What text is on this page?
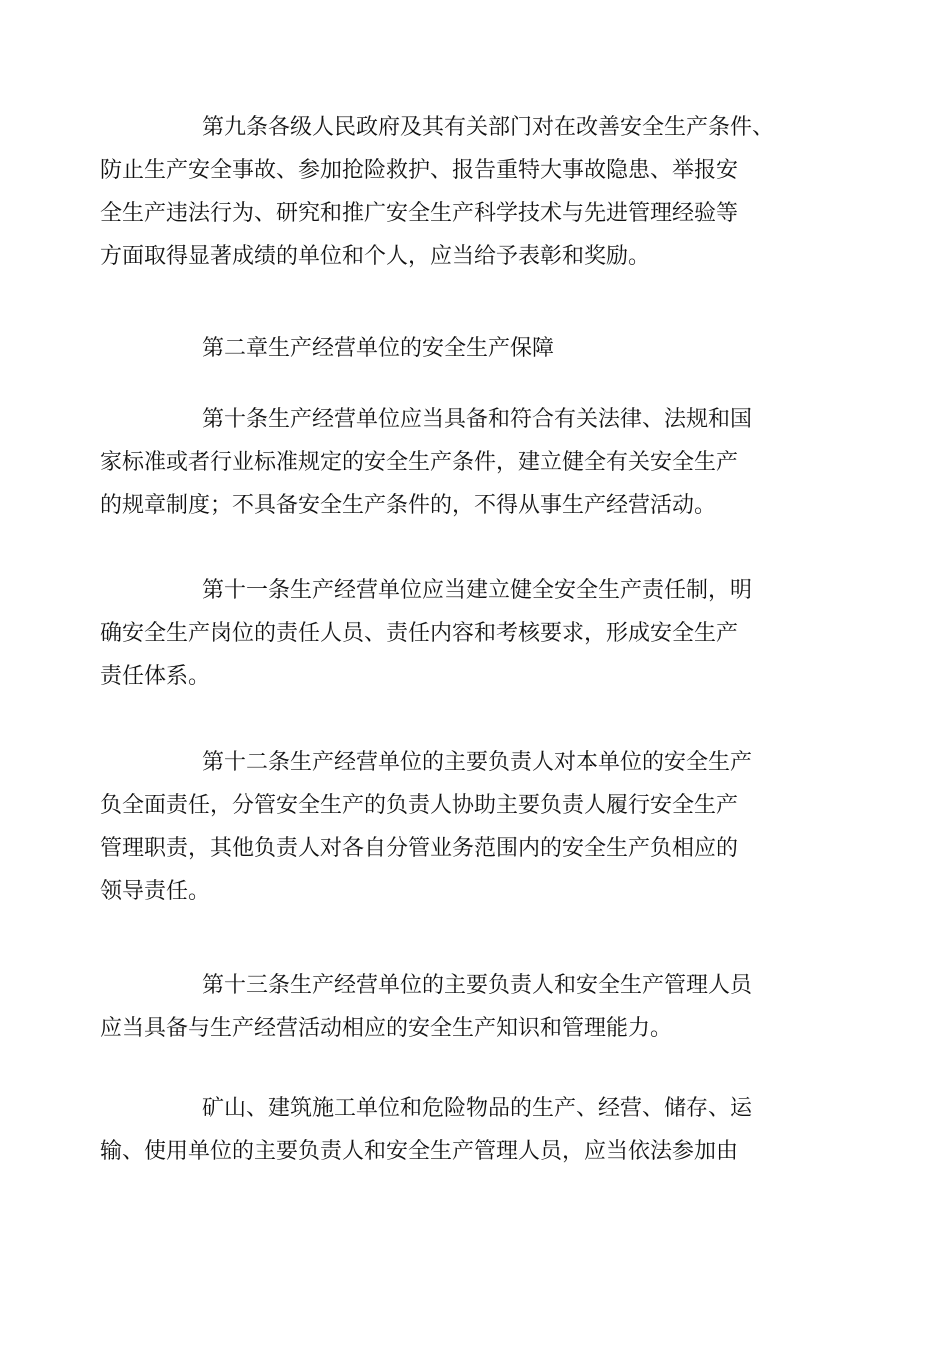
第九条各级人民政府及其有关部门对在改善安全生产条件、
防止生产安全事故、参加抢险救护、报告重特大事故隐患、举报安
全生产违法行为、研究和推广安全生产科学技术与先进管理经验等
方面取得显著成绩的单位和个人，应当给予表彰和奖励。
第二章生产经营单位的安全生产保障
第十条生产经营单位应当具备和符合有关法律、法规和国
家标准或者行业标准规定的安全生产条件，建立健全有关安全生产
的规章制度；不具备安全生产条件的，不得从事生产经营活动。
第十一条生产经营单位应当建立健全安全生产责任制，明
确安全生产岗位的责任人员、责任内容和考核要求，形成安全生产
责任体系。
第十二条生产经营单位的主要负责人对本单位的安全生产
负全面责任，分管安全生产的负责人协助主要负责人履行安全生产
管理职责，其他负责人对各自分管业务范围内的安全生产负相应的
领导责任。
第十三条生产经营单位的主要负责人和安全生产管理人员
应当具备与生产经营活动相应的安全生产知识和管理能力。
矿山、建筑施工单位和危险物品的生产、经营、储存、运
输、使用单位的主要负责人和安全生产管理人员，应当依法参加由
